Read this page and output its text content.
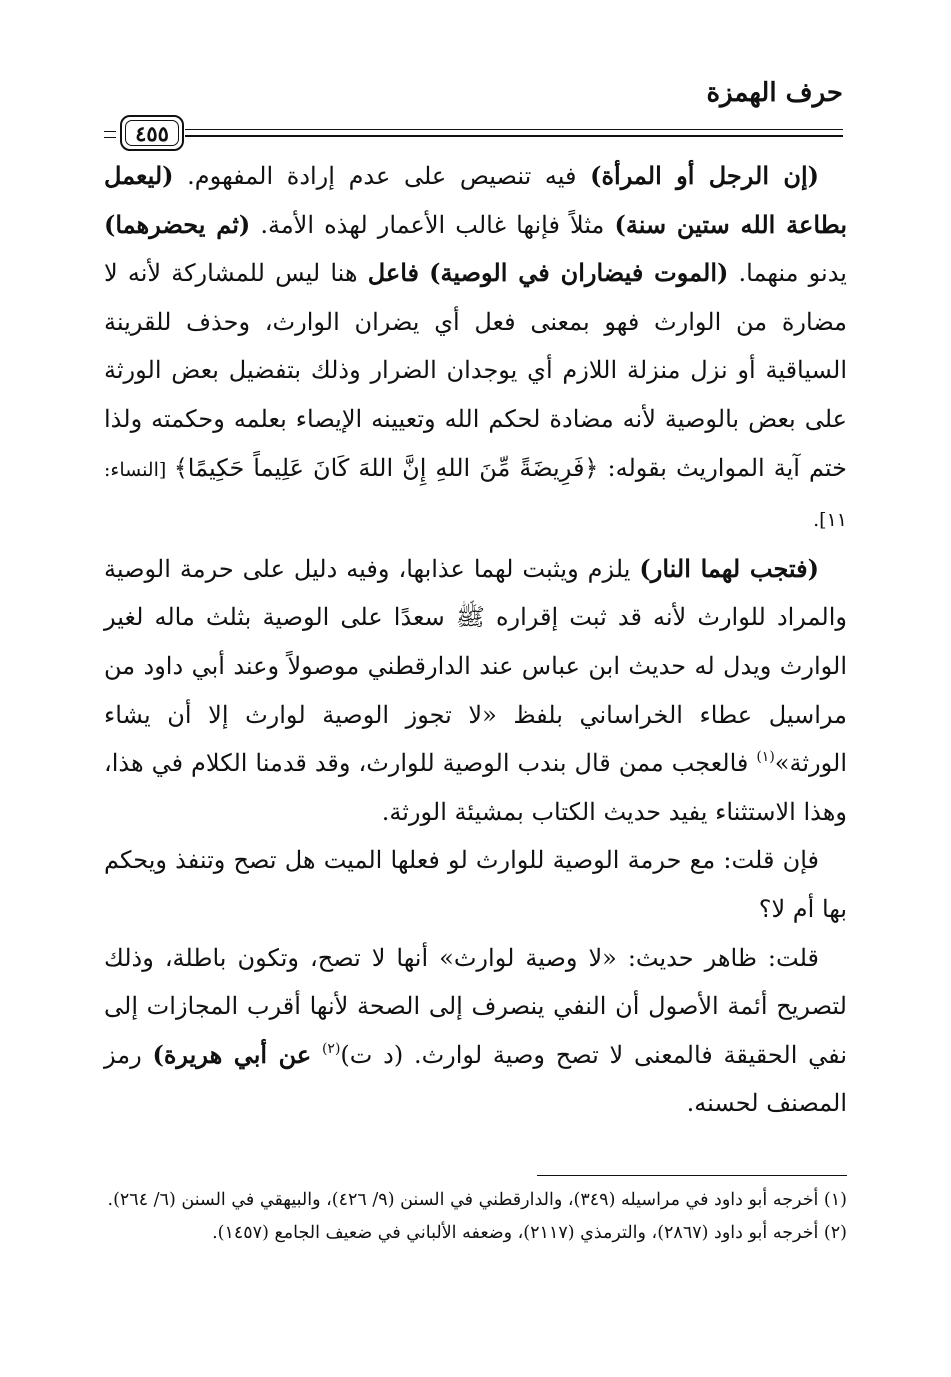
حرف الهمزة
٤٥٥

(إن الرجل أو المرأة) فيه تنصيص على عدم إرادة المفهوم. (ليعمل بطاعة الله ستين سنة) مثلاً فإنها غالب الأعمار لهذه الأمة. (ثم يحضرهما) يدنو منهما. (الموت فيضاران في الوصية) فاعل هنا ليس للمشاركة لأنه لا مضارة من الوارث فهو بمعنى فعل أي يضران الوارث، وحذف للقرينة السياقية أو نزل منزلة اللازم أي يوجدان الضرار وذلك بتفضيل بعض الورثة على بعض بالوصية لأنه مضادة لحكم الله وتعيينه الإيصاء بعلمه وحكمته ولذا ختم آية المواريث بقوله: ﴿فَرِيضَةً مِّنَ اللهِ إِنَّ اللهَ كَانَ عَلِيماً حَكِيمًا﴾ [النساء: ١١].

(فتجب لهما النار) يلزم ويثبت لهما عذابها، وفيه دليل على حرمة الوصية والمراد للوارث لأنه قد ثبت إقراره ﷺ سعدًا على الوصية بثلث ماله لغير الوارث ويدل له حديث ابن عباس عند الدارقطني موصولاً وعند أبي داود من مراسيل عطاء الخراساني بلفظ «لا تجوز الوصية لوارث إلا أن يشاء الورثة»$^{(١)}$ فالعجب ممن قال بندب الوصية للوارث، وقد قدمنا الكلام في هذا، وهذا الاستثناء يفيد حديث الكتاب بمشيئة الورثة.

فإن قلت: مع حرمة الوصية للوارث لو فعلها الميت هل تصح وتنفذ ويحكم بها أم لا؟

قلت: ظاهر حديث: «لا وصية لوارث» أنها لا تصح، وتكون باطلة، وذلك لتصريح أئمة الأصول أن النفي ينصرف إلى الصحة لأنها أقرب المجازات إلى نفي الحقيقة فالمعنى لا تصح وصية لوارث. (د ت)$^{(٢)}$ عن أبي هريرة) رمز المصنف لحسنه.

(١) أخرجه أبو داود في مراسيله (٣٤٩)، والدارقطني في السنن (٩/ ٤٢٦)، والبيهقي في السنن (٦/ ٢٦٤).

(٢) أخرجه أبو داود (٢٨٦٧)، والترمذي (٢١١٧)، وضعفه الألباني في ضعيف الجامع (١٤٥٧).
